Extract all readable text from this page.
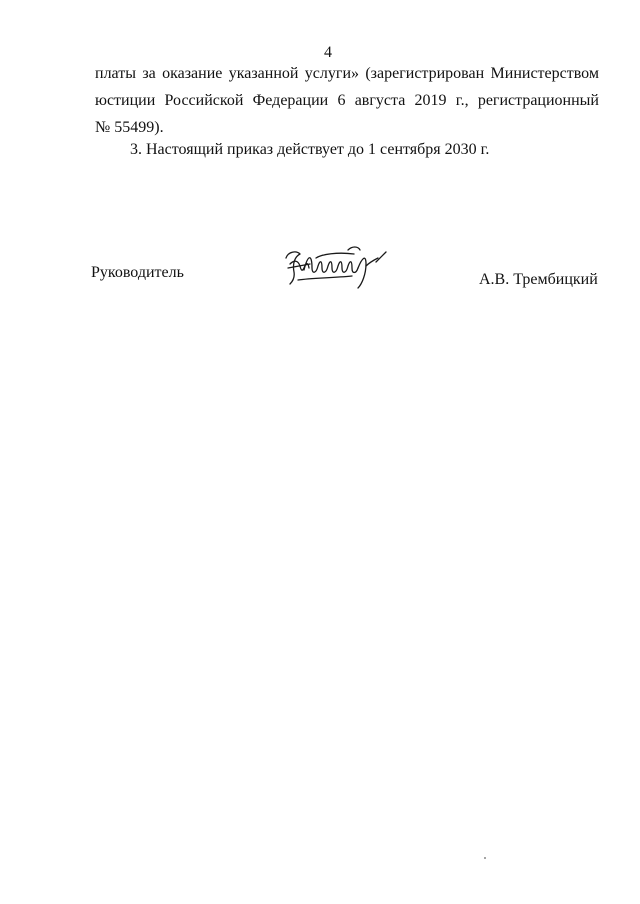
4
платы за оказание указанной услуги» (зарегистрирован Министерством
юстиции Российской Федерации 6 августа 2019 г., регистрационный
№ 55499).
3. Настоящий приказ действует до 1 сентября 2030 г.
Руководитель	А.В. Трембицкий
